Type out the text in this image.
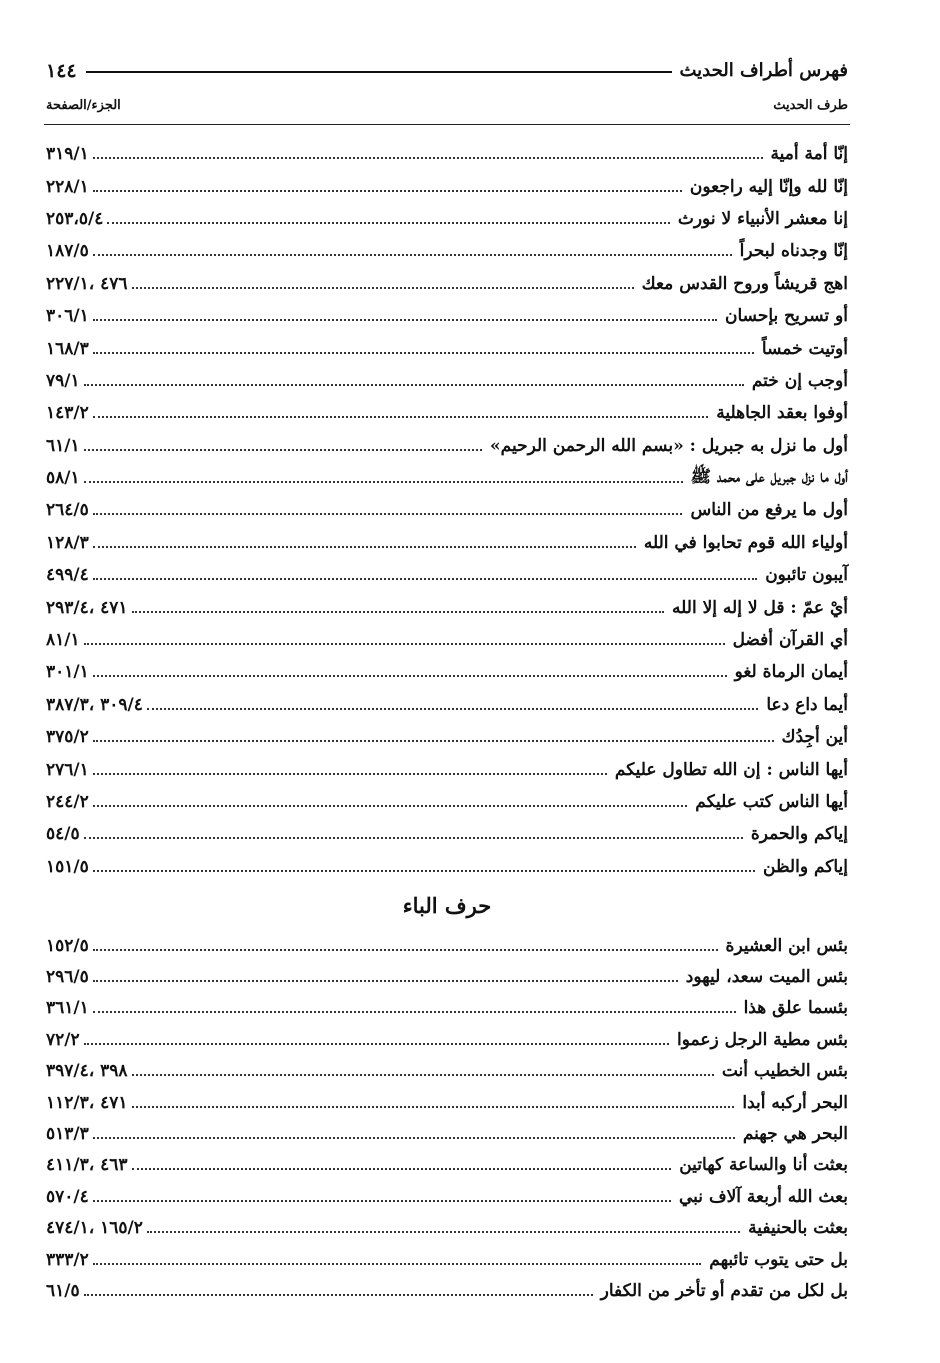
فهرس أطراف الحديث
١٤٤
طرف الحديث
الجزء/الصفحة
إنّا أمة أمية
٣١٩/١
إنّا لله وإنّا إليه راجعون
٢٢٨/١
إنا معشر الأنبياء لا نورث
٢٥٣،٥/٤
إنّا وجدناه لبحراً
١٨٧/٥
اهج قريشاً وروح القدس معك
٤٧٦ ،٢٢٧/١
أو تسريح بإحسان
٣٠٦/١
أوتيت خمساً
١٦٨/٣
أوجب إن ختم
٧٩/١
أوفوا بعقد الجاهلية
١٤٣/٢
أول ما نزل به جبريل : «بسم الله الرحمن الرحيم»
٦١/١
أول ما نزل جبريل على محمد ﷺ
٥٨/١
أول ما يرفع من الناس
٢٦٤/٥
أولياء الله قوم تحابوا في الله
١٢٨/٣
آيبون تائبون
٤٩٩/٤
أيْ عمّ : قل لا إله إلا الله
٤٧١ ،٢٩٣/٤
أي القرآن أفضل
٨١/١
أيمان الرماة لغو
٣٠١/١
أيما داع دعا
٣٠٩/٤ ،٣٨٧/٣
أين أجِدُك
٣٧٥/٢
أيها الناس : إن الله تطاول عليكم
٢٧٦/١
أيها الناس كتب عليكم
٢٤٤/٢
إياكم والحمرة
٥٤/٥
إياكم والظن
١٥١/٥
حرف الباء
بئس ابن العشيرة
١٥٢/٥
بئس الميت سعد، ليهود
٢٩٦/٥
بئسما علق هذا
٣٦١/١
بئس مطية الرجل زعموا
٧٢/٢
بئس الخطيب أنت
٣٩٨ ،٣٩٧/٤
البحر أركبه أبدا
٤٧١ ،١١٢/٣
البحر هي جهنم
٥١٣/٣
بعثت أنا والساعة كهاتين
٤٦٣ ،٤١١/٣
بعث الله أربعة آلاف نبي
٥٧٠/٤
بعثت بالحنيفية
١٦٥/٢ ،٤٧٤/١
بل حتى يتوب تائبهم
٣٣٣/٢
بل لكل من تقدم أو تأخر من الكفار
٦١/٥
